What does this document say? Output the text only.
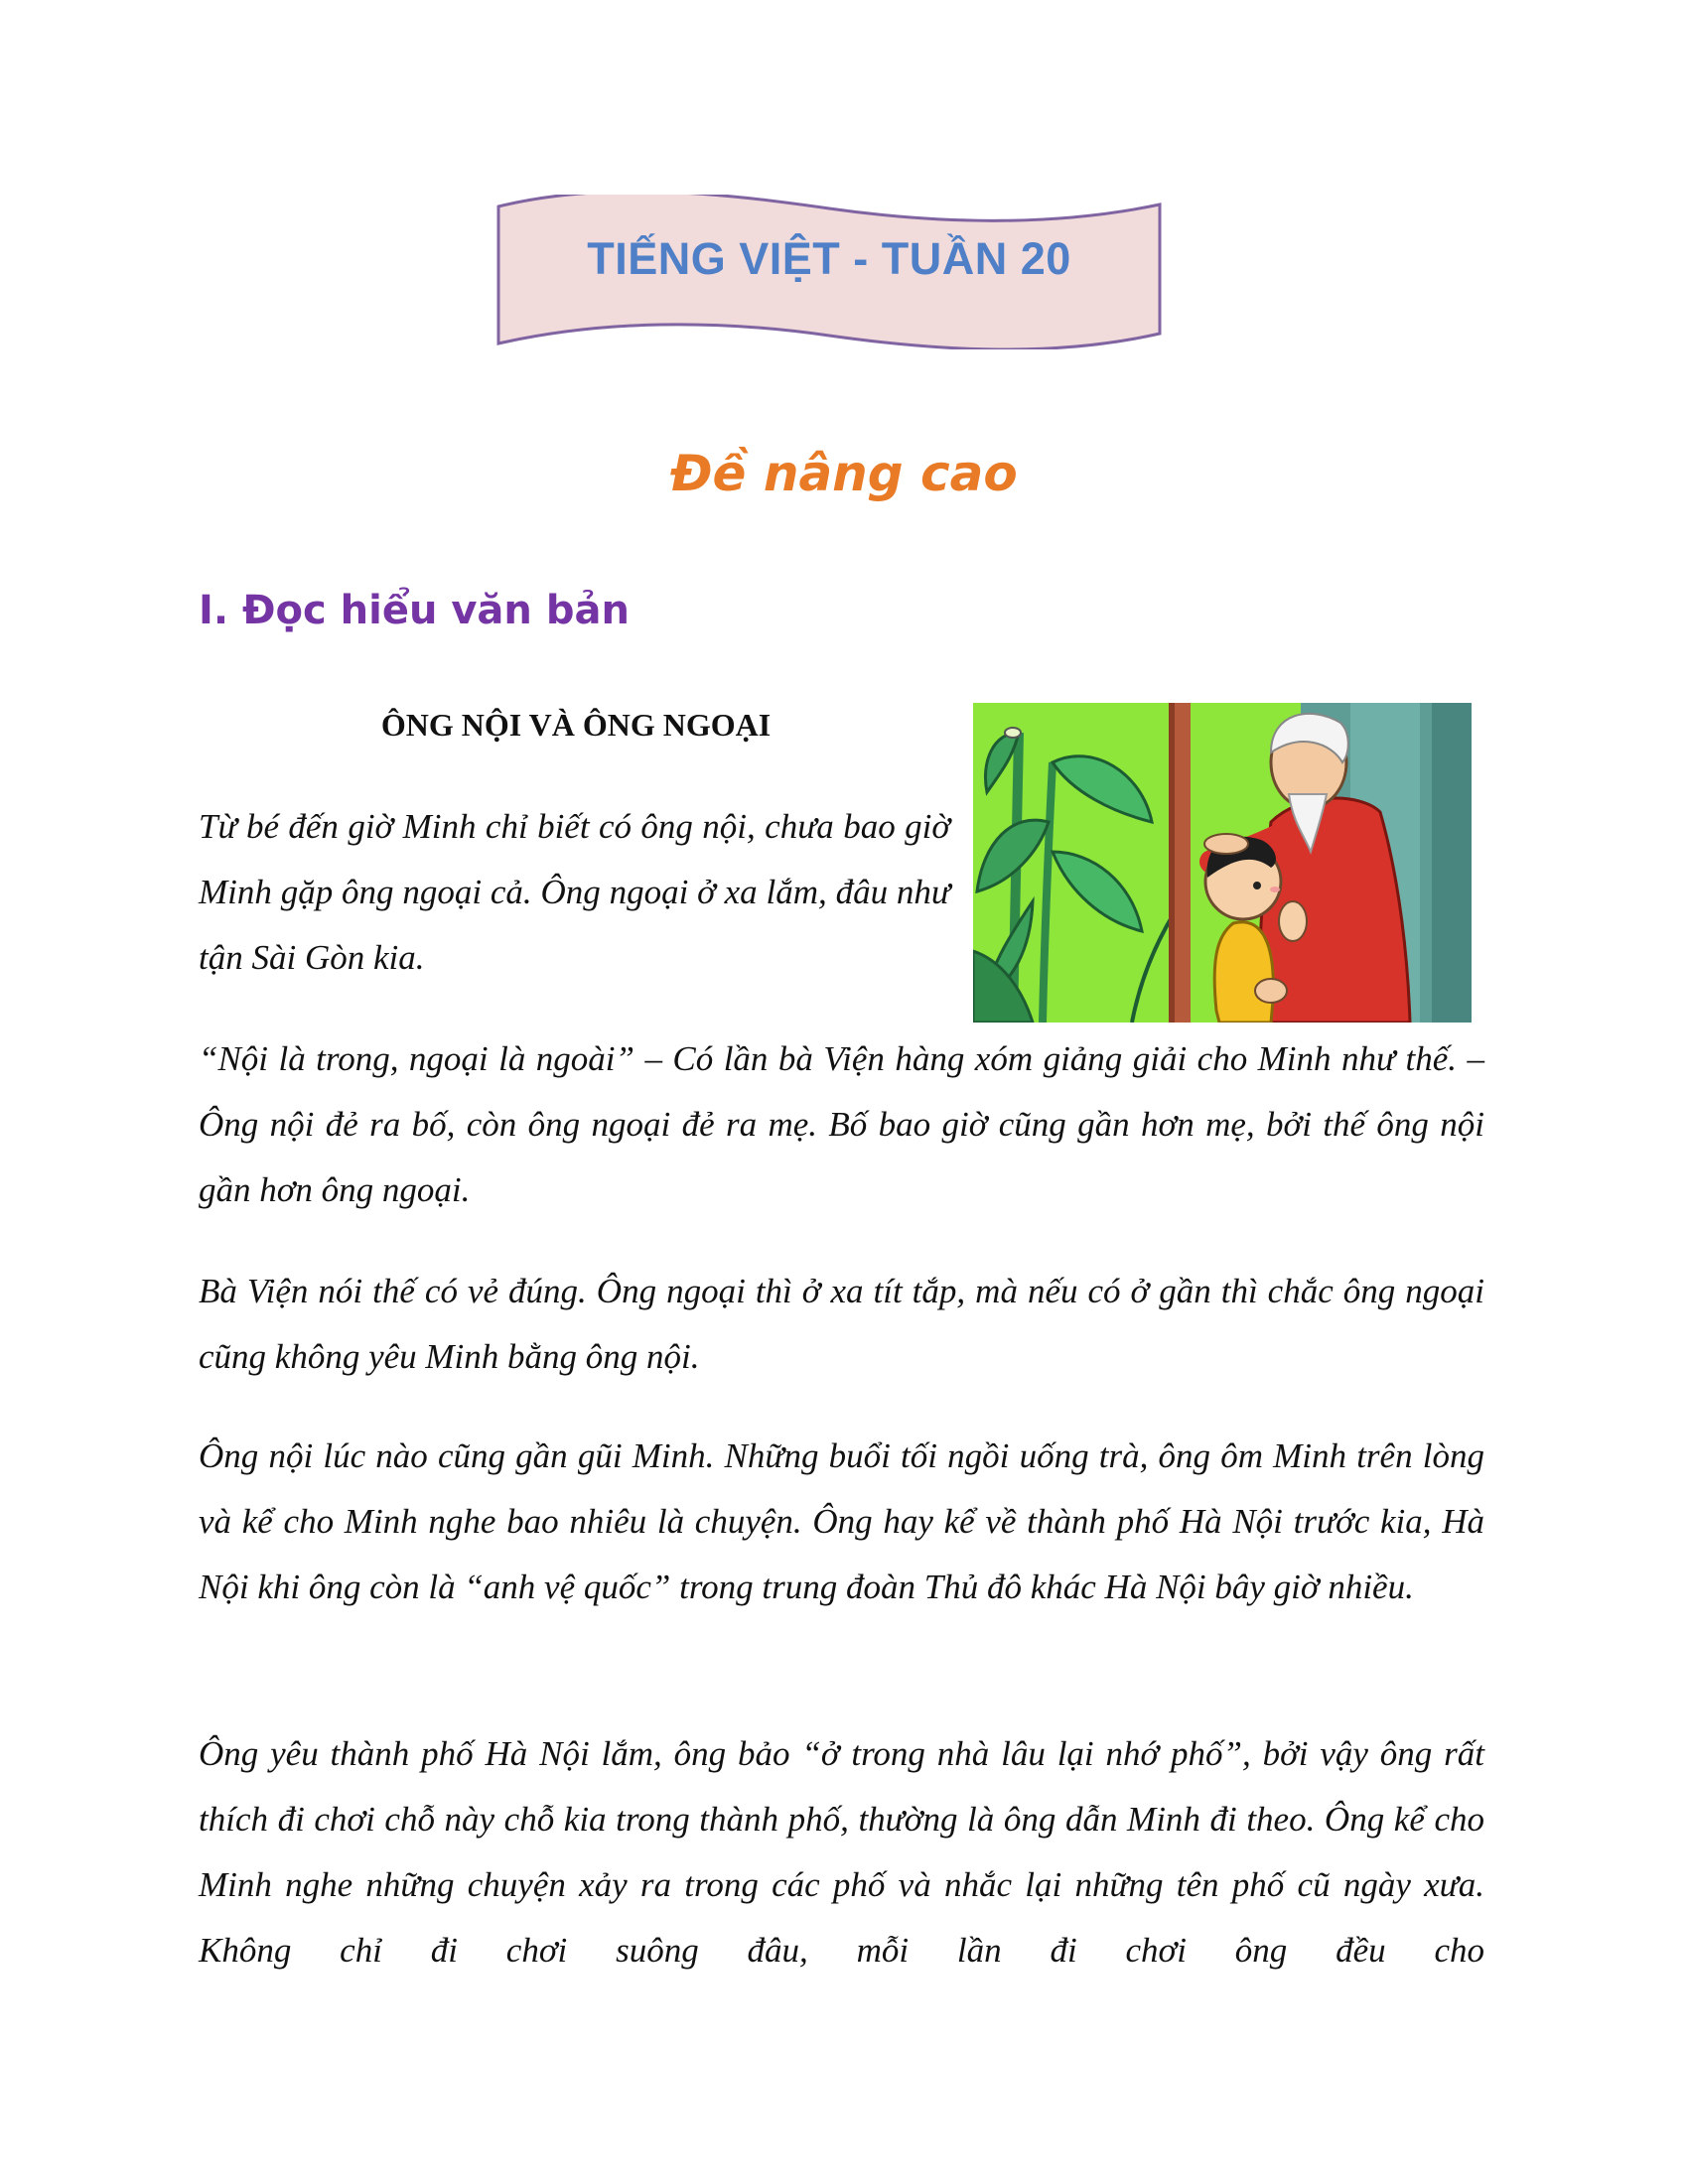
TIẾNG VIỆT - TUẦN 20
Đề nâng cao
I. Đọc hiểu văn bản
ÔNG NỘI VÀ ÔNG NGOẠI

Từ bé đến giờ Minh chỉ biết có ông nội, chưa bao giờ Minh gặp ông ngoại cả. Ông ngoại ở xa lắm, đâu như tận Sài Gòn kia.

“Nội là trong, ngoại là ngoài” – Có lần bà Viện hàng xóm giảng giải cho Minh như thế. – Ông nội đẻ ra bố, còn ông ngoại đẻ ra mẹ. Bố bao giờ cũng gần hơn mẹ, bởi thế ông nội gần hơn ông ngoại.

Bà Viện nói thế có vẻ đúng. Ông ngoại thì ở xa tít tắp, mà nếu có ở gần thì chắc ông ngoại cũng không yêu Minh bằng ông nội.

Ông nội lúc nào cũng gần gũi Minh. Những buổi tối ngồi uống trà, ông ôm Minh trên lòng và kể cho Minh nghe bao nhiêu là chuyện. Ông hay kể về thành phố Hà Nội trước kia, Hà Nội khi ông còn là “anh vệ quốc” trong trung đoàn Thủ đô khác Hà Nội bây giờ nhiều.

Ông yêu thành phố Hà Nội lắm, ông bảo “ở trong nhà lâu lại nhớ phố”, bởi vậy ông rất thích đi chơi chỗ này chỗ kia trong thành phố, thường là ông dẫn Minh đi theo. Ông kể cho Minh nghe những chuyện xảy ra trong các phố và nhắc lại những tên phố cũ ngày xưa. Không chỉ đi chơi suông đâu, mỗi lần đi chơi ông đều cho
